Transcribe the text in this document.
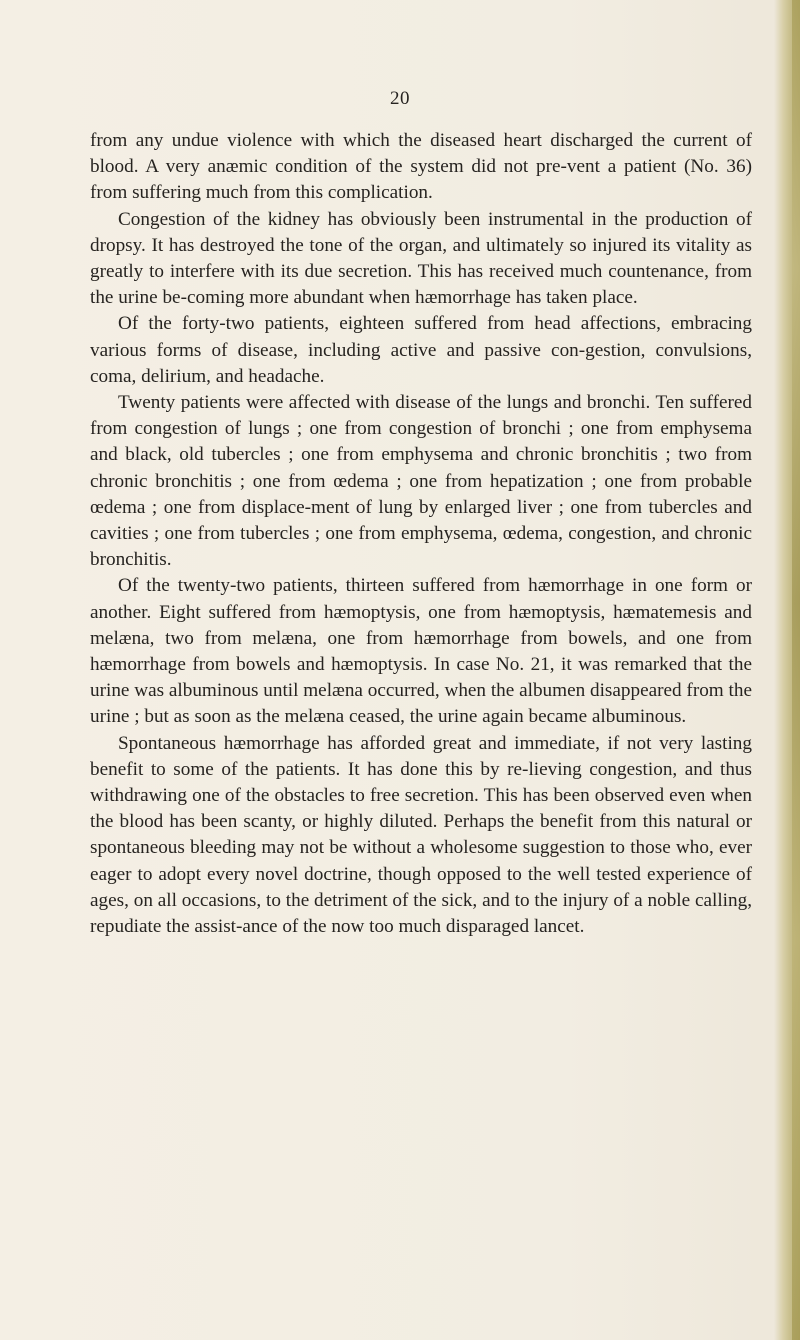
20

from any undue violence with which the diseased heart discharged the current of blood. A very anæmic condition of the system did not pre-vent a patient (No. 36) from suffering much from this complication.

Congestion of the kidney has obviously been instrumental in the production of dropsy. It has destroyed the tone of the organ, and ultimately so injured its vitality as greatly to interfere with its due secretion. This has received much countenance, from the urine be-coming more abundant when hæmorrhage has taken place.

Of the forty-two patients, eighteen suffered from head affections, embracing various forms of disease, including active and passive con-gestion, convulsions, coma, delirium, and headache.

Twenty patients were affected with disease of the lungs and bronchi. Ten suffered from congestion of lungs ; one from congestion of bronchi ; one from emphysema and black, old tubercles ; one from emphysema and chronic bronchitis ; two from chronic bronchitis ; one from œdema ; one from hepatization ; one from probable œdema ; one from displace-ment of lung by enlarged liver ; one from tubercles and cavities ; one from tubercles ; one from emphysema, œdema, congestion, and chronic bronchitis.

Of the twenty-two patients, thirteen suffered from hæmorrhage in one form or another. Eight suffered from hæmoptysis, one from hæmoptysis, hæmatemesis and melæna, two from melæna, one from hæmorrhage from bowels, and one from hæmorrhage from bowels and hæmoptysis. In case No. 21, it was remarked that the urine was albuminous until melæna occurred, when the albumen disappeared from the urine ; but as soon as the melæna ceased, the urine again became albuminous.

Spontaneous hæmorrhage has afforded great and immediate, if not very lasting benefit to some of the patients. It has done this by re-lieving congestion, and thus withdrawing one of the obstacles to free secretion. This has been observed even when the blood has been scanty, or highly diluted. Perhaps the benefit from this natural or spontaneous bleeding may not be without a wholesome suggestion to those who, ever eager to adopt every novel doctrine, though opposed to the well tested experience of ages, on all occasions, to the detriment of the sick, and to the injury of a noble calling, repudiate the assist-ance of the now too much disparaged lancet.
